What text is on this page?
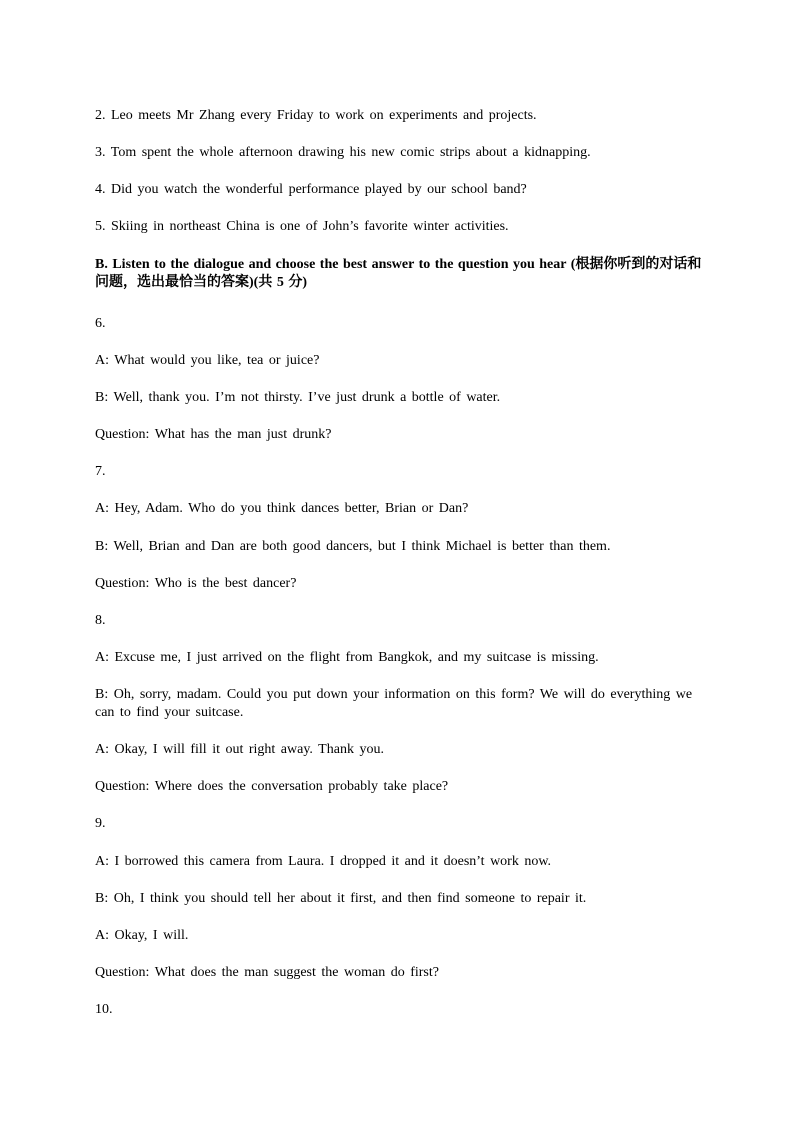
2. Leo meets Mr Zhang every Friday to work on experiments and projects.
3. Tom spent the whole afternoon drawing his new comic strips about a kidnapping.
4. Did you watch the wonderful performance played by our school band?
5. Skiing in northeast China is one of John’s favorite winter activities.
B. Listen to the dialogue and choose the best answer to the question you hear (根据你听到的对话和问题，选出最恰当的答案)(共 5 分)
6.
A: What would you like, tea or juice?
B: Well, thank you. I’m not thirsty. I’ve just drunk a bottle of water.
Question: What has the man just drunk?
7.
A: Hey, Adam. Who do you think dances better, Brian or Dan?
B: Well, Brian and Dan are both good dancers, but I think Michael is better than them.
Question: Who is the best dancer?
8.
A: Excuse me, I just arrived on the flight from Bangkok, and my suitcase is missing.
B: Oh, sorry, madam. Could you put down your information on this form? We will do everything we can to find your suitcase.
A: Okay, I will fill it out right away. Thank you.
Question: Where does the conversation probably take place?
9.
A: I borrowed this camera from Laura. I dropped it and it doesn’t work now.
B: Oh, I think you should tell her about it first, and then find someone to repair it.
A: Okay, I will.
Question: What does the man suggest the woman do first?
10.
